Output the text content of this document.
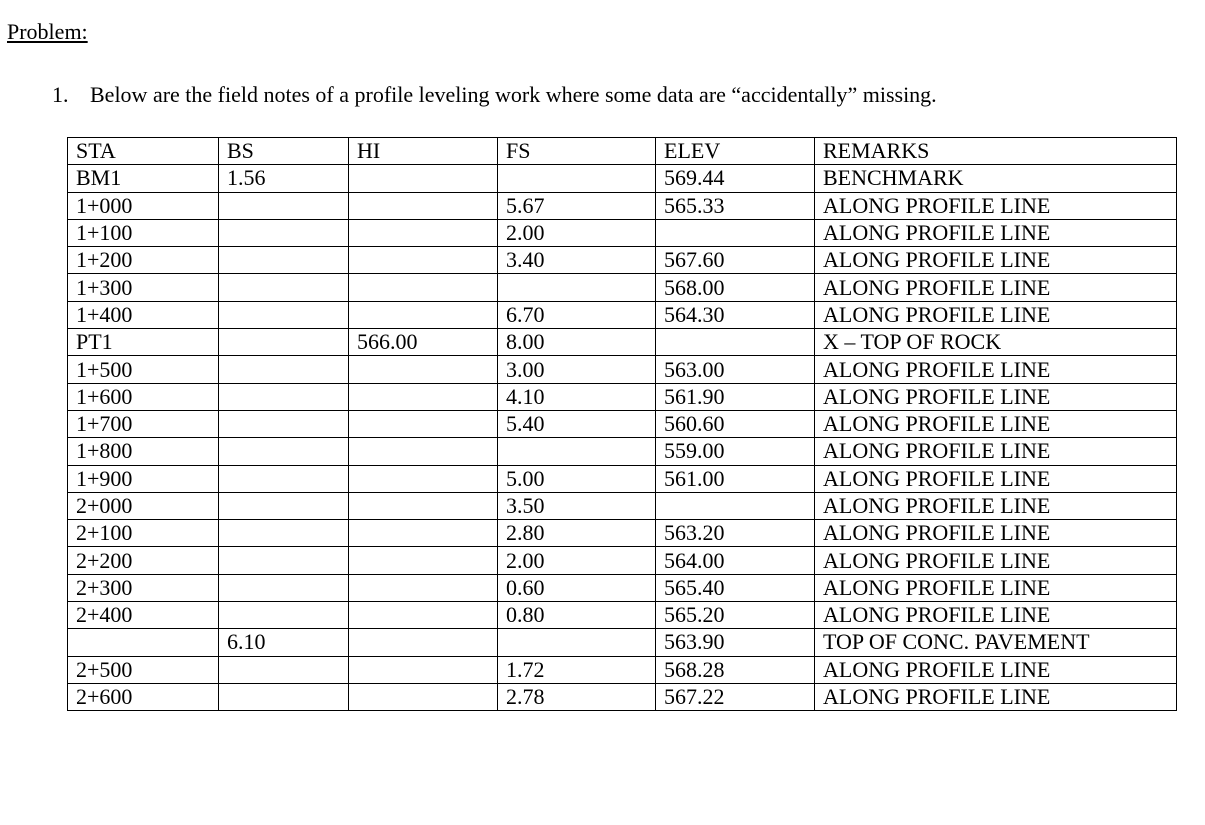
Problem:
1. Below are the field notes of a profile leveling work where some data are “accidentally” missing.
STA	BS	HI	FS	ELEV	REMARKS
BM1	1.56			569.44	BENCHMARK
1+000			5.67	565.33	ALONG PROFILE LINE
1+100			2.00		ALONG PROFILE LINE
1+200			3.40	567.60	ALONG PROFILE LINE
1+300				568.00	ALONG PROFILE LINE
1+400			6.70	564.30	ALONG PROFILE LINE
PT1		566.00	8.00		X – TOP OF ROCK
1+500			3.00	563.00	ALONG PROFILE LINE
1+600			4.10	561.90	ALONG PROFILE LINE
1+700			5.40	560.60	ALONG PROFILE LINE
1+800				559.00	ALONG PROFILE LINE
1+900			5.00	561.00	ALONG PROFILE LINE
2+000			3.50		ALONG PROFILE LINE
2+100			2.80	563.20	ALONG PROFILE LINE
2+200			2.00	564.00	ALONG PROFILE LINE
2+300			0.60	565.40	ALONG PROFILE LINE
2+400			0.80	565.20	ALONG PROFILE LINE
	6.10			563.90	TOP OF CONC. PAVEMENT
2+500			1.72	568.28	ALONG PROFILE LINE
2+600			2.78	567.22	ALONG PROFILE LINE
